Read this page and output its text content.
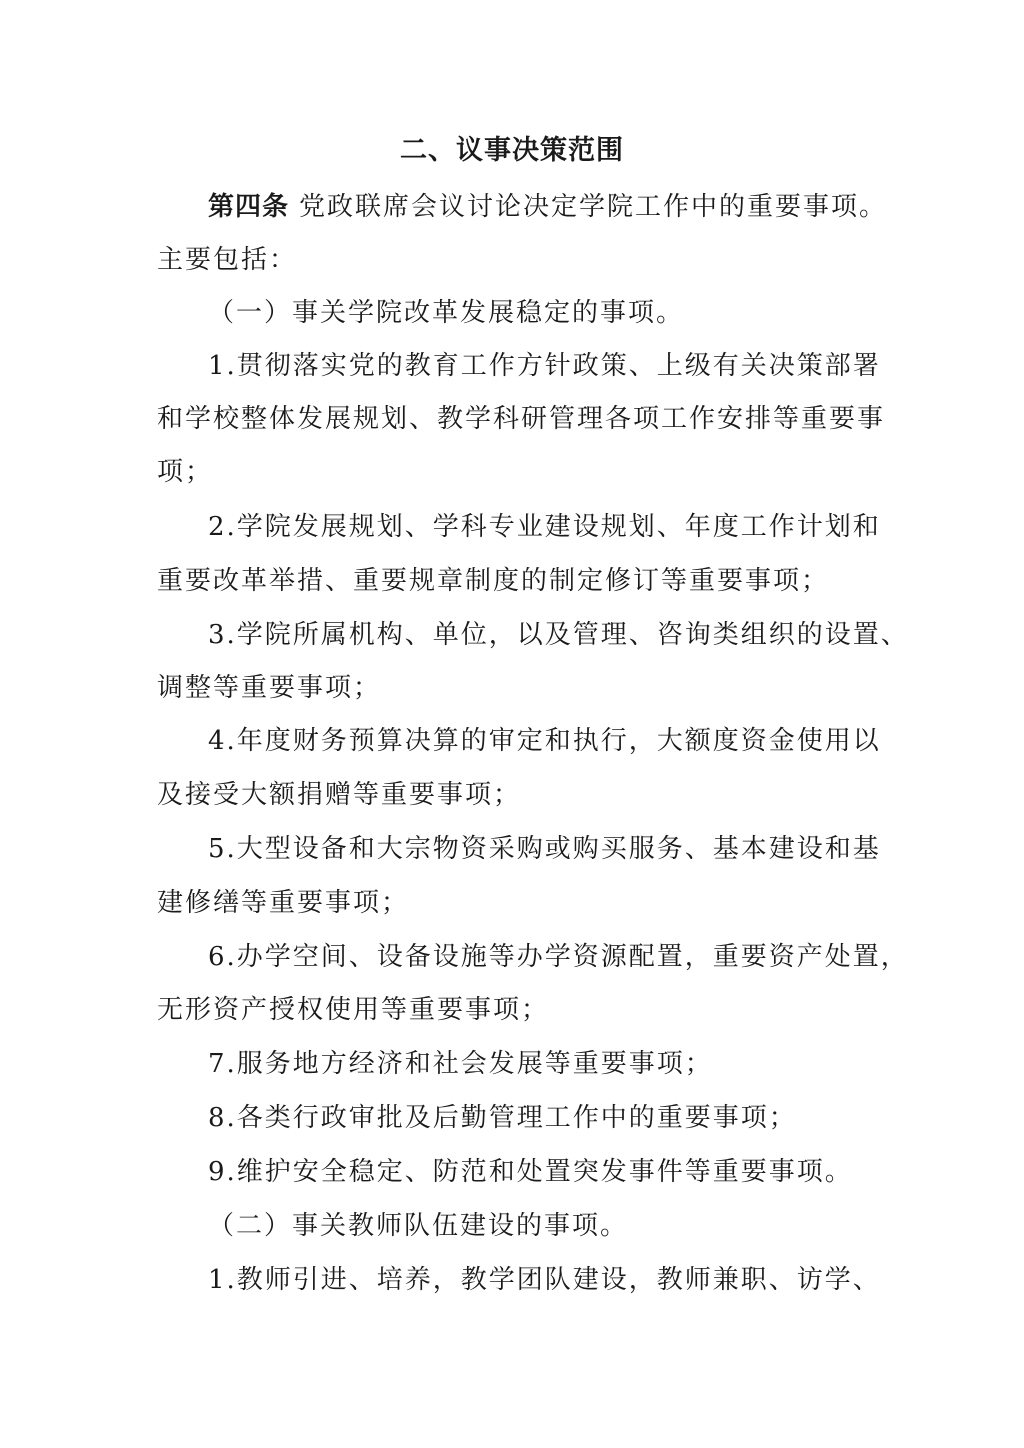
二、议事决策范围
第四条 党政联席会议讨论决定学院工作中的重要事项。
主要包括：
（一）事关学院改革发展稳定的事项。
1.贯彻落实党的教育工作方针政策、上级有关决策部署
和学校整体发展规划、教学科研管理各项工作安排等重要事
项；
2.学院发展规划、学科专业建设规划、年度工作计划和
重要改革举措、重要规章制度的制定修订等重要事项；
3.学院所属机构、单位，以及管理、咨询类组织的设置、
调整等重要事项；
4.年度财务预算决算的审定和执行，大额度资金使用以
及接受大额捐赠等重要事项；
5.大型设备和大宗物资采购或购买服务、基本建设和基
建修缮等重要事项；
6.办学空间、设备设施等办学资源配置，重要资产处置，
无形资产授权使用等重要事项；
7.服务地方经济和社会发展等重要事项；
8.各类行政审批及后勤管理工作中的重要事项；
9.维护安全稳定、防范和处置突发事件等重要事项。
（二）事关教师队伍建设的事项。
1.教师引进、培养，教学团队建设，教师兼职、访学、
